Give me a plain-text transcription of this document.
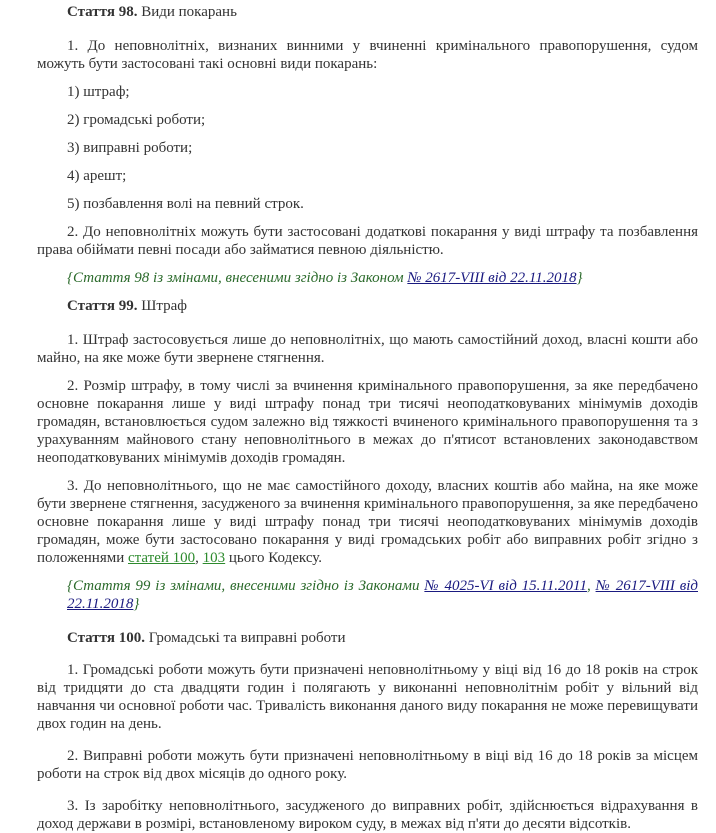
Стаття 98. Види покарань

1. До неповнолітніх, визнаних винними у вчиненні кримінального правопорушення, судом можуть бути застосовані такі основні види покарань:

1) штраф;

2) громадські роботи;

3) виправні роботи;

4) арешт;

5) позбавлення волі на певний строк.

2. До неповнолітніх можуть бути застосовані додаткові покарання у виді штрафу та позбавлення права обіймати певні посади або займатися певною діяльністю.

{Стаття 98 із змінами, внесеними згідно із Законом № 2617-VIII від 22.11.2018}

Стаття 99. Штраф

1. Штраф застосовується лише до неповнолітніх, що мають самостійний доход, власні кошти або майно, на яке може бути звернене стягнення.

2. Розмір штрафу, в тому числі за вчинення кримінального правопорушення, за яке передбачено основне покарання лише у виді штрафу понад три тисячі неоподатковуваних мінімумів доходів громадян, встановлюється судом залежно від тяжкості вчиненого кримінального правопорушення та з урахуванням майнового стану неповнолітнього в межах до п'ятисот встановлених законодавством неоподатковуваних мінімумів доходів громадян.

3. До неповнолітнього, що не має самостійного доходу, власних коштів або майна, на яке може бути звернене стягнення, засудженого за вчинення кримінального правопорушення, за яке передбачено основне покарання лише у виді штрафу понад три тисячі неоподатковуваних мінімумів доходів громадян, може бути застосовано покарання у виді громадських робіт або виправних робіт згідно з положеннями статей 100, 103 цього Кодексу.

{Стаття 99 із змінами, внесеними згідно із Законами № 4025-VI від 15.11.2011, № 2617-VIII від 22.11.2018}

Стаття 100. Громадські та виправні роботи

1. Громадські роботи можуть бути призначені неповнолітньому у віці від 16 до 18 років на строк від тридцяти до ста двадцяти годин і полягають у виконанні неповнолітнім робіт у вільний від навчання чи основної роботи час. Тривалість виконання даного виду покарання не може перевищувати двох годин на день.

2. Виправні роботи можуть бути призначені неповнолітньому в віці від 16 до 18 років за місцем роботи на строк від двох місяців до одного року.

3. Із заробітку неповнолітнього, засудженого до виправних робіт, здійснюється відрахування в доход держави в розмірі, встановленому вироком суду, в межах від п'яти до десяти відсотків.
